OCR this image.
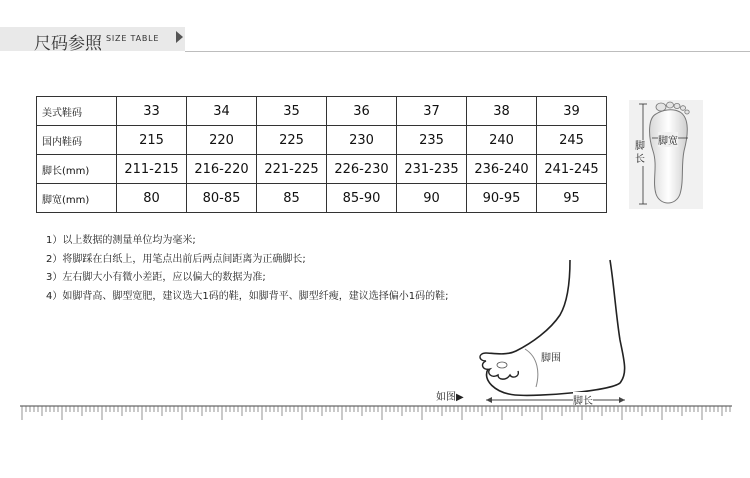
尺码参照 SIZE TABLE
美式鞋码	33	34	35	36	37	38	39
国内鞋码	215	220	225	230	235	240	245
脚长(mm)	211-215	216-220	221-225	226-230	231-235	236-240	241-245
脚宽(mm)	80	80-85	85	85-90	90	90-95	95
脚
长
脚宽
1）以上数据的测量单位均为毫米;
2）将脚踩在白纸上，用笔点出前后两点间距离为正确脚长;
3）左右脚大小有微小差距，应以偏大的数据为准;
4）如脚背高、脚型宽肥，建议选大1码的鞋，如脚背平、脚型纤瘦，建议选择偏小1码的鞋;
脚围
如图▶	脚长
